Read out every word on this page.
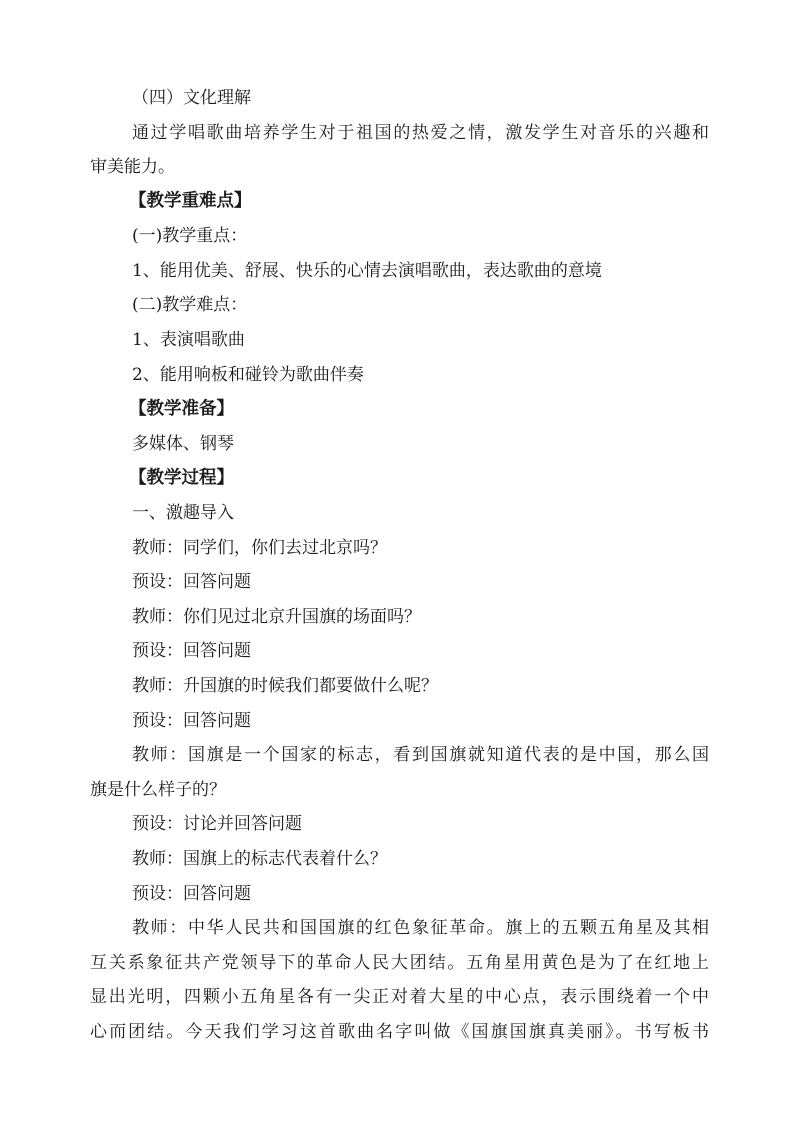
（四）文化理解
通过学唱歌曲培养学生对于祖国的热爱之情，激发学生对音乐的兴趣和
审美能力。
【教学重难点】
(一)教学重点：
1、能用优美、舒展、快乐的心情去演唱歌曲，表达歌曲的意境
(二)教学难点：
1、表演唱歌曲
2、能用响板和碰铃为歌曲伴奏
【教学准备】
多媒体、钢琴
【教学过程】
一、激趣导入
教师：同学们，你们去过北京吗？
预设：回答问题
教师：你们见过北京升国旗的场面吗？
预设：回答问题
教师：升国旗的时候我们都要做什么呢？
预设：回答问题
教师：国旗是一个国家的标志，看到国旗就知道代表的是中国，那么国
旗是什么样子的？
预设：讨论并回答问题
教师：国旗上的标志代表着什么？
预设：回答问题
教师：中华人民共和国国旗的红色象征革命。旗上的五颗五角星及其相
互关系象征共产党领导下的革命人民大团结。五角星用黄色是为了在红地上
显出光明，四颗小五角星各有一尖正对着大星的中心点，表示围绕着一个中
心而团结。今天我们学习这首歌曲名字叫做《国旗国旗真美丽》。书写板书
